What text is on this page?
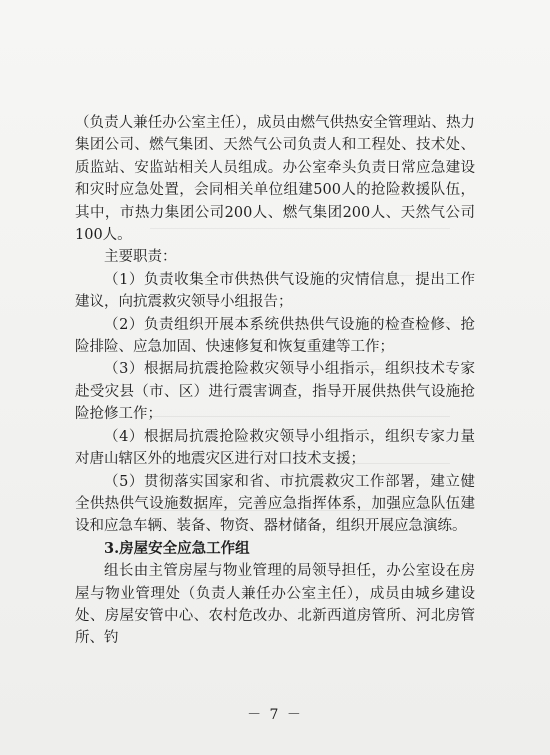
（负责人兼任办公室主任），成员由燃气供热安全管理站、热力集团公司、燃气集团、天然气公司负责人和工程处、技术处、质监站、安监站相关人员组成。办公室牵头负责日常应急建设和灾时应急处置，会同相关单位组建500人的抢险救援队伍，其中，市热力集团公司200人、燃气集团200人、天然气公司100人。

主要职责：

（1）负责收集全市供热供气设施的灾情信息，提出工作建议，向抗震救灾领导小组报告；

（2）负责组织开展本系统供热供气设施的检查检修、抢险排险、应急加固、快速修复和恢复重建等工作；

（3）根据局抗震抢险救灾领导小组指示，组织技术专家赴受灾县（市、区）进行震害调查，指导开展供热供气设施抢险抢修工作；

（4）根据局抗震抢险救灾领导小组指示，组织专家力量对唐山辖区外的地震灾区进行对口技术支援；

（5）贯彻落实国家和省、市抗震救灾工作部署，建立健全供热供气设施数据库，完善应急指挥体系，加强应急队伍建设和应急车辆、装备、物资、器材储备，组织开展应急演练。

3.房屋安全应急工作组

组长由主管房屋与物业管理的局领导担任，办公室设在房屋与物业管理处（负责人兼任办公室主任），成员由城乡建设处、房屋安管中心、农村危改办、北新西道房管所、河北房管所、钓

－ 7 －
